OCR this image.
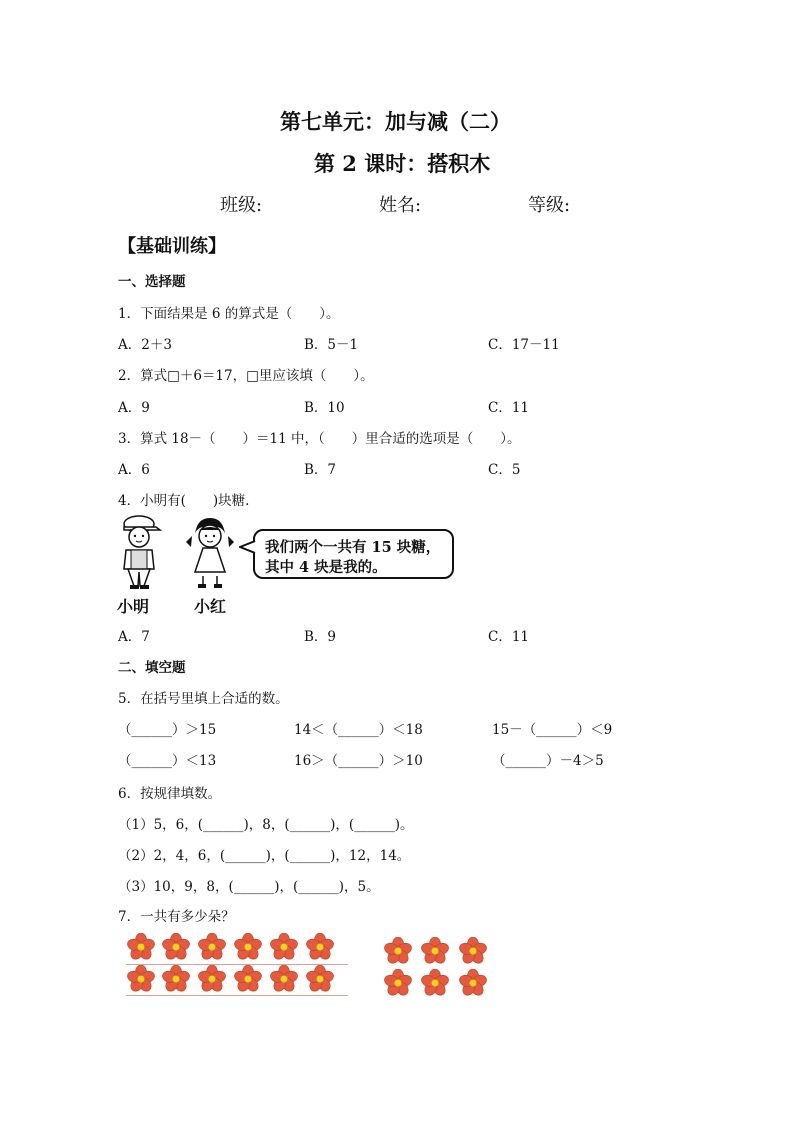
第七单元：加与减（二）
第 2 课时：搭积木
班级:	姓名:	等级:
【基础训练】
一、选择题
1．下面结果是 6 的算式是（　　）。
A．2＋3	B．5－1	C．17－11
2．算式□＋6＝17，□里应该填（　　）。
A．9	B．10	C．11
3．算式 18－（　　）＝11 中，（　　）里合适的选项是（　　）。
A．6	B．7	C．5
4．小明有(　　)块糖.
小明	小红
我们两个一共有 15 块糖，
其中 4 块是我的。
A．7	B．9	C．11
二、填空题
5．在括号里填上合适的数。
（______）＞15	14＜（______）＜18	15－（______）＜9
（______）＜13	16＞（______）＞10	（______）－4＞5
6．按规律填数。
（1）5，6，(______)，8，(______)，(______)。
（2）2，4，6，(______)，(______)，12，14。
（3）10，9，8，(______)，(______)，5。
7．一共有多少朵？
